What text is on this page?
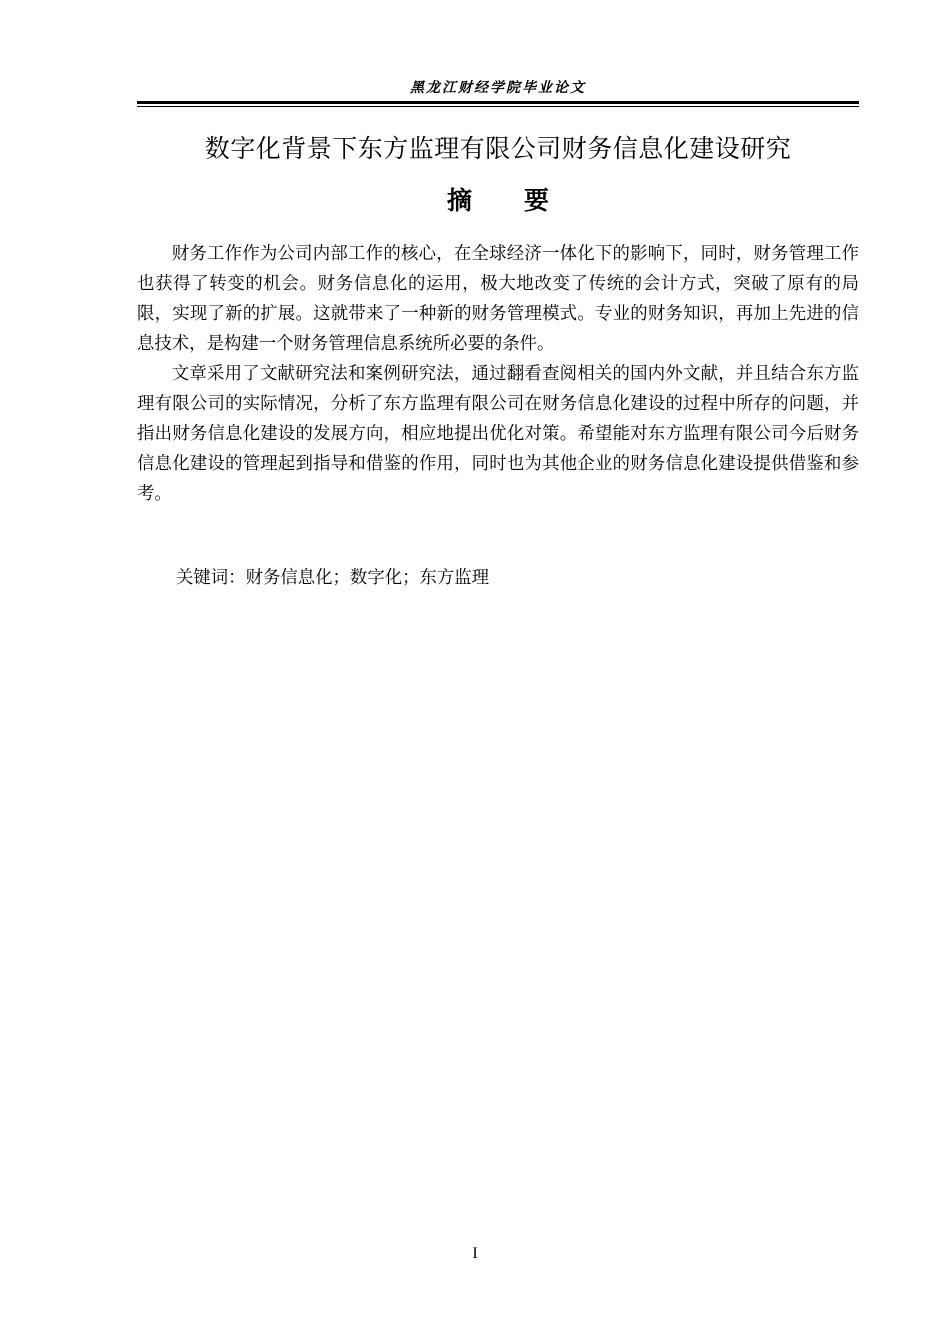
黑龙江财经学院毕业论文
数字化背景下东方监理有限公司财务信息化建设研究
摘要

财务工作作为公司内部工作的核心，在全球经济一体化下的影响下，同时，财务管理工作也获得了转变的机会。财务信息化的运用，极大地改变了传统的会计方式，突破了原有的局限，实现了新的扩展。这就带来了一种新的财务管理模式。专业的财务知识，再加上先进的信息技术，是构建一个财务管理信息系统所必要的条件。

文章采用了文献研究法和案例研究法，通过翻看查阅相关的国内外文献，并且结合东方监理有限公司的实际情况，分析了东方监理有限公司在财务信息化建设的过程中所存的问题，并指出财务信息化建设的发展方向，相应地提出优化对策。希望能对东方监理有限公司今后财务信息化建设的管理起到指导和借鉴的作用，同时也为其他企业的财务信息化建设提供借鉴和参考。

关键词：财务信息化；数字化；东方监理
I
